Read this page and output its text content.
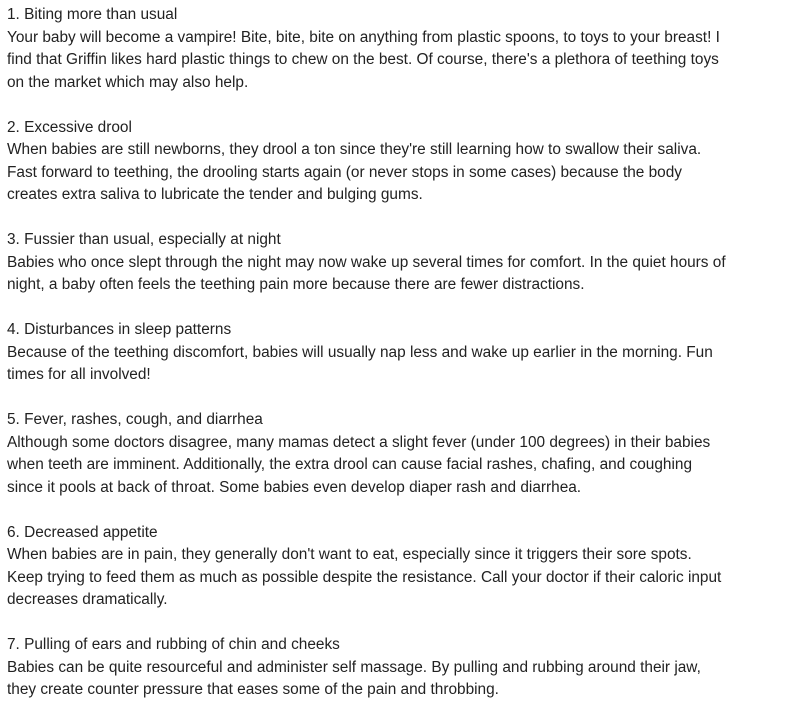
1. Biting more than usual
Your baby will become a vampire! Bite, bite, bite on anything from plastic spoons, to toys to your breast! I
find that Griffin likes hard plastic things to chew on the best. Of course, there's a plethora of teething toys
on the market which may also help.
2. Excessive drool
When babies are still newborns, they drool a ton since they're still learning how to swallow their saliva.
Fast forward to teething, the drooling starts again (or never stops in some cases) because the body
creates extra saliva to lubricate the tender and bulging gums.
3. Fussier than usual, especially at night
Babies who once slept through the night may now wake up several times for comfort. In the quiet hours of
night, a baby often feels the teething pain more because there are fewer distractions.
4. Disturbances in sleep patterns
Because of the teething discomfort, babies will usually nap less and wake up earlier in the morning. Fun
times for all involved!
5. Fever, rashes, cough, and diarrhea
Although some doctors disagree, many mamas detect a slight fever (under 100 degrees) in their babies
when teeth are imminent. Additionally, the extra drool can cause facial rashes, chafing, and coughing
since it pools at back of throat. Some babies even develop diaper rash and diarrhea.
6. Decreased appetite
When babies are in pain, they generally don't want to eat, especially since it triggers their sore spots.
Keep trying to feed them as much as possible despite the resistance. Call your doctor if their caloric input
decreases dramatically.
7. Pulling of ears and rubbing of chin and cheeks
Babies can be quite resourceful and administer self massage. By pulling and rubbing around their jaw,
they create counter pressure that eases some of the pain and throbbing.
